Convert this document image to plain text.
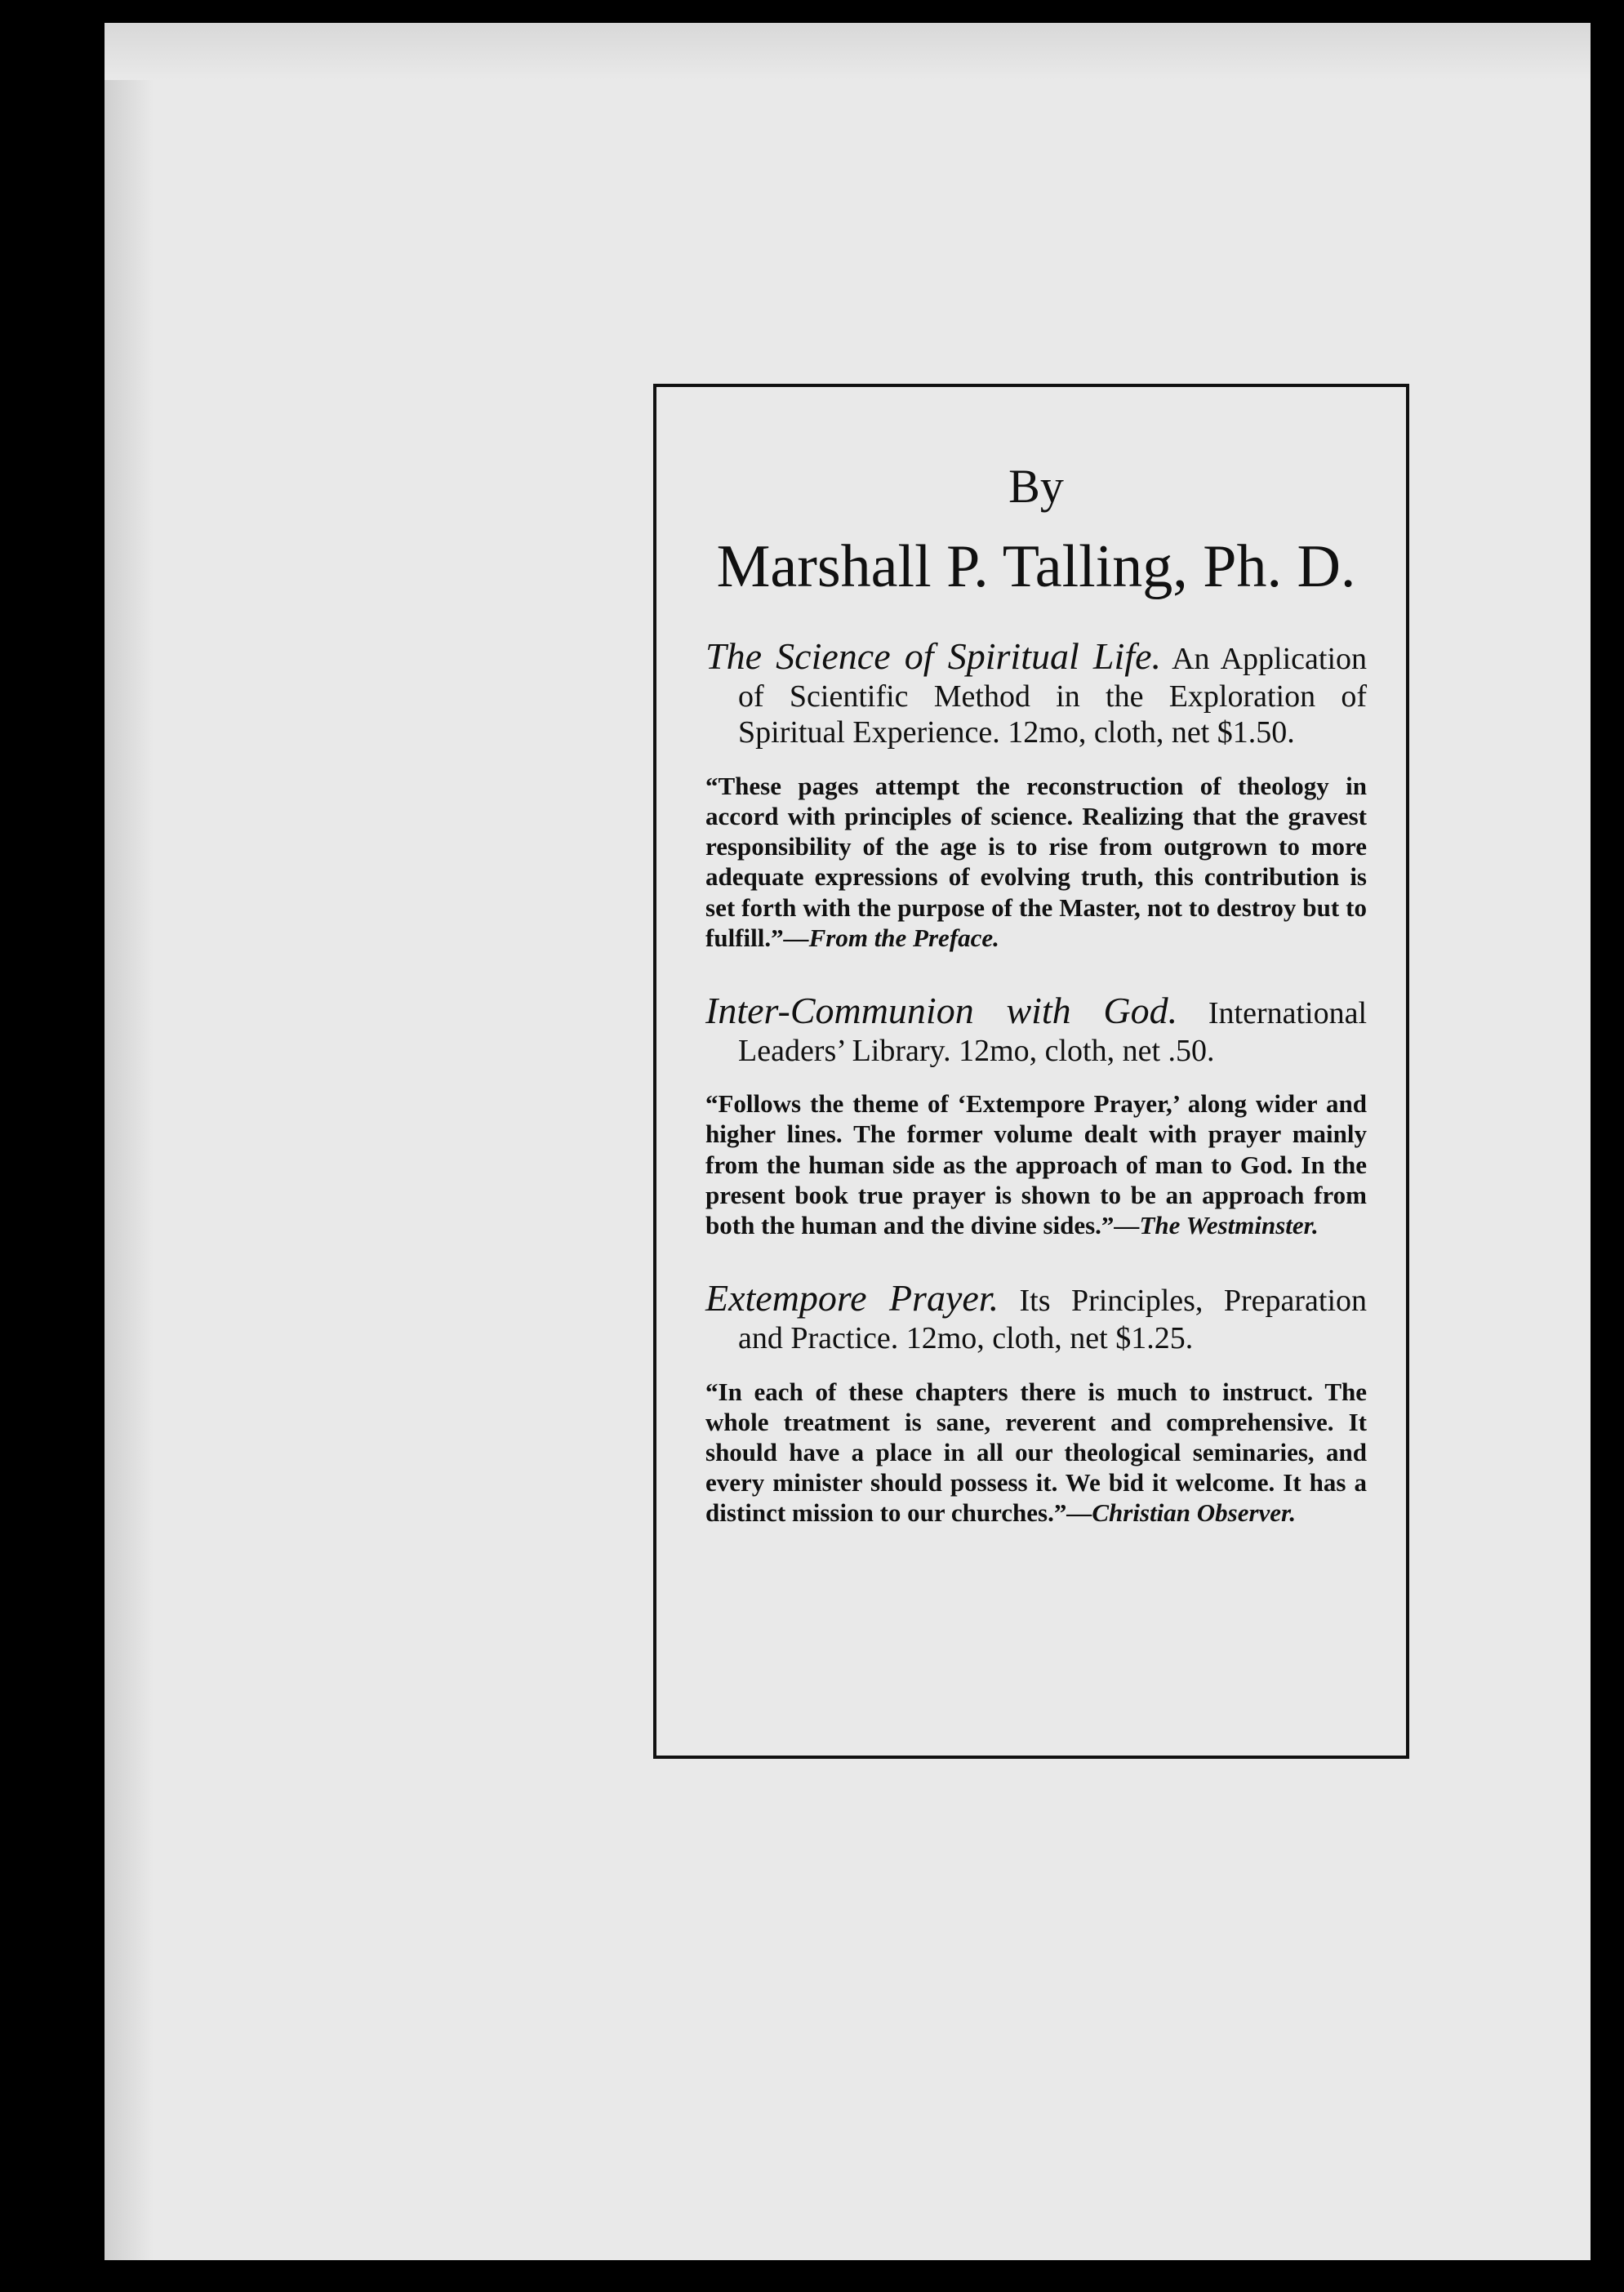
By
Marshall P. Talling, Ph. D.

The Science of Spiritual Life. An Application of Scientific Method in the Exploration of Spiritual Experience. 12mo, cloth, net $1.50.

“These pages attempt the reconstruction of theology in accord with principles of science. Realizing that the gravest responsibility of the age is to rise from outgrown to more adequate expressions of evolving truth, this contribution is set forth with the purpose of the Master, not to destroy but to fulfill.”—From the Preface.

Inter-Communion with God. International Leaders’ Library. 12mo, cloth, net .50.

“Follows the theme of ‘Extempore Prayer,’ along wider and higher lines. The former volume dealt with prayer mainly from the human side as the approach of man to God. In the present book true prayer is shown to be an approach from both the human and the divine sides.”—The Westminster.

Extempore Prayer. Its Principles, Preparation and Practice. 12mo, cloth, net $1.25.

“In each of these chapters there is much to instruct. The whole treatment is sane, reverent and comprehensive. It should have a place in all our theological seminaries, and every minister should possess it. We bid it welcome. It has a distinct mission to our churches.”—Christian Observer.
